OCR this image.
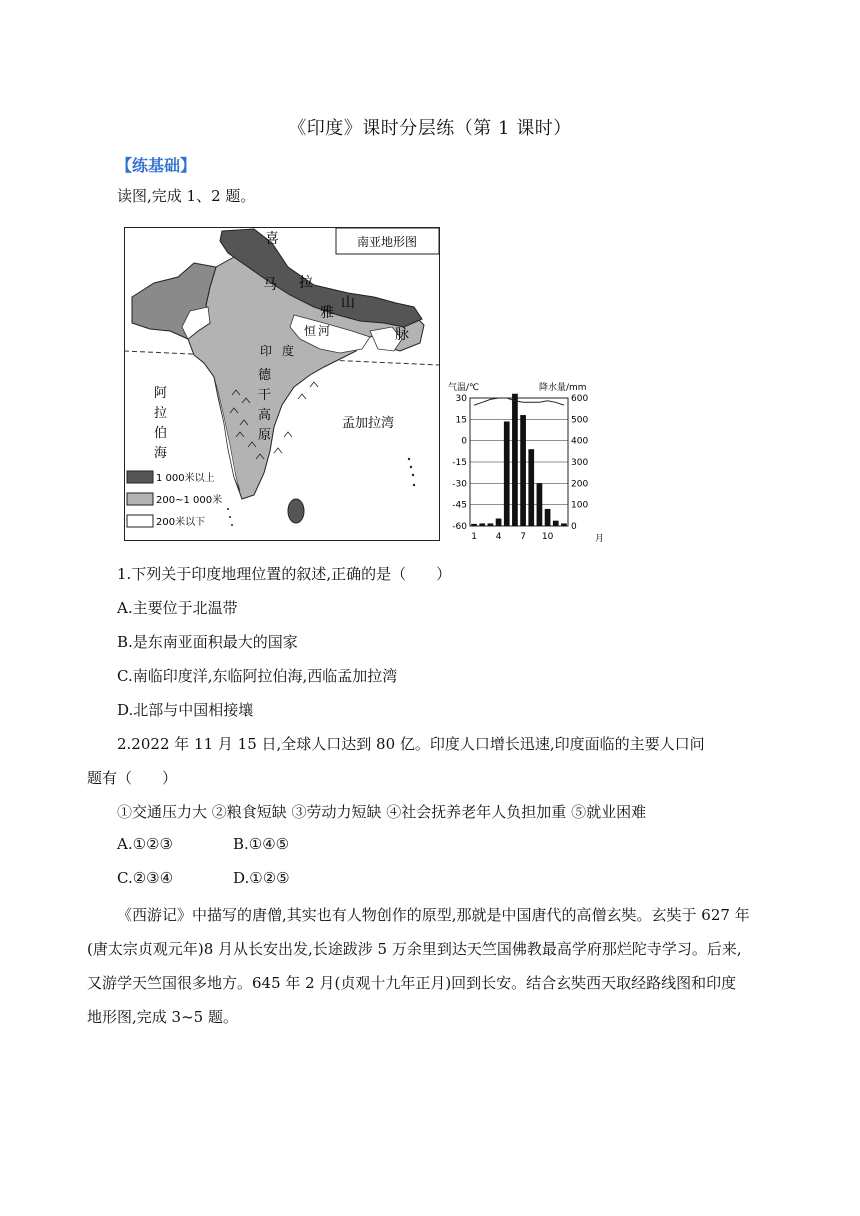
《印度》课时分层练（第 1 课时）
【练基础】
读图,完成 1、2 题。
南亚地形图
喜
马 拉
山
雅
脉
恒 河
印 度
德
干
高
原
阿
拉
伯
海
孟加拉湾
1 000米以上
200~1 000米
200米以下
气温/℃	降水量/mm
30	600
15	500
0	400
-15	300
-30	200
-45	100
-60	0
1 4 7 10	月
1.下列关于印度地理位置的叙述,正确的是（　　）
A.主要位于北温带
B.是东南亚面积最大的国家
C.南临印度洋,东临阿拉伯海,西临孟加拉湾
D.北部与中国相接壤
2.2022 年 11 月 15 日,全球人口达到 80 亿。印度人口增长迅速,印度面临的主要人口问
题有（　　）
①交通压力大 ②粮食短缺 ③劳动力短缺 ④社会抚养老年人负担加重 ⑤就业困难
A.①②③	B.①④⑤
C.②③④	D.①②⑤
《西游记》中描写的唐僧,其实也有人物创作的原型,那就是中国唐代的高僧玄奘。玄奘于 627 年(唐太宗贞观元年)8 月从长安出发,长途跋涉 5 万余里到达天竺国佛教最高学府那烂陀寺学习。后来,又游学天竺国很多地方。645 年 2 月(贞观十九年正月)回到长安。结合玄奘西天取经路线图和印度地形图,完成 3~5 题。
